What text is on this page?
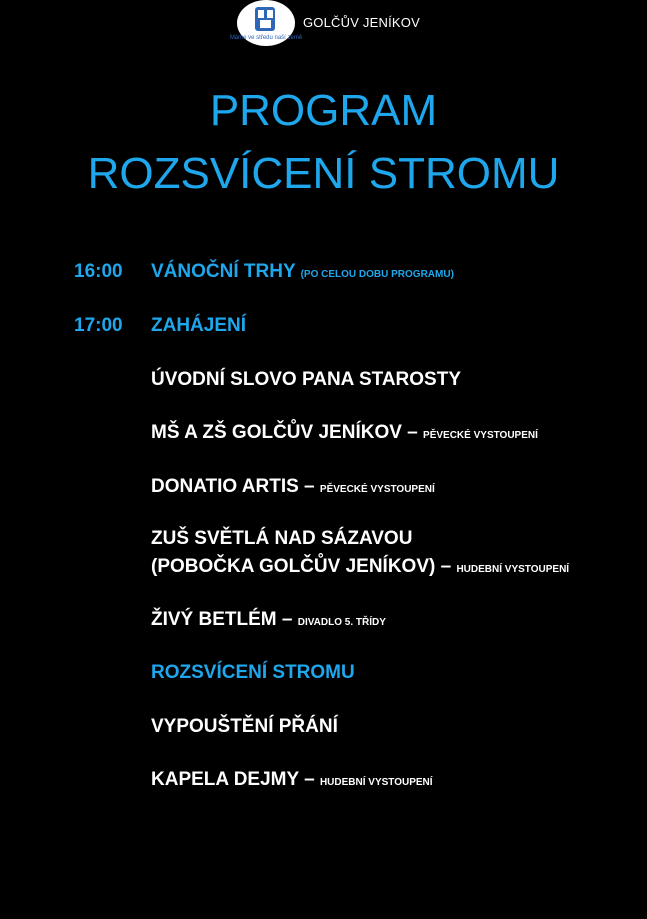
Máme ve středu naší země
GOLČŮV JENÍKOV
PROGRAM
ROZSVÍCENÍ STROMU
16:00 VÁNOČNÍ TRHY (PO CELOU DOBU PROGRAMU)
17:00 ZAHÁJENÍ
ÚVODNÍ SLOVO PANA STAROSTY
MŠ A ZŠ GOLČŮV JENÍKOV – PĚVECKÉ VYSTOUPENÍ
DONATIO ARTIS – PĚVECKÉ VYSTOUPENÍ
ZUŠ SVĚTLÁ NAD SÁZAVOU
(POBOČKA GOLČŮV JENÍKOV) – HUDEBNÍ VYSTOUPENÍ
ŽIVÝ BETLÉM – DIVADLO 5. TŘÍDY
ROZSVÍCENÍ STROMU
VYPOUŠTĚNÍ PŘÁNÍ
KAPELA DEJMY – HUDEBNÍ VYSTOUPENÍ
